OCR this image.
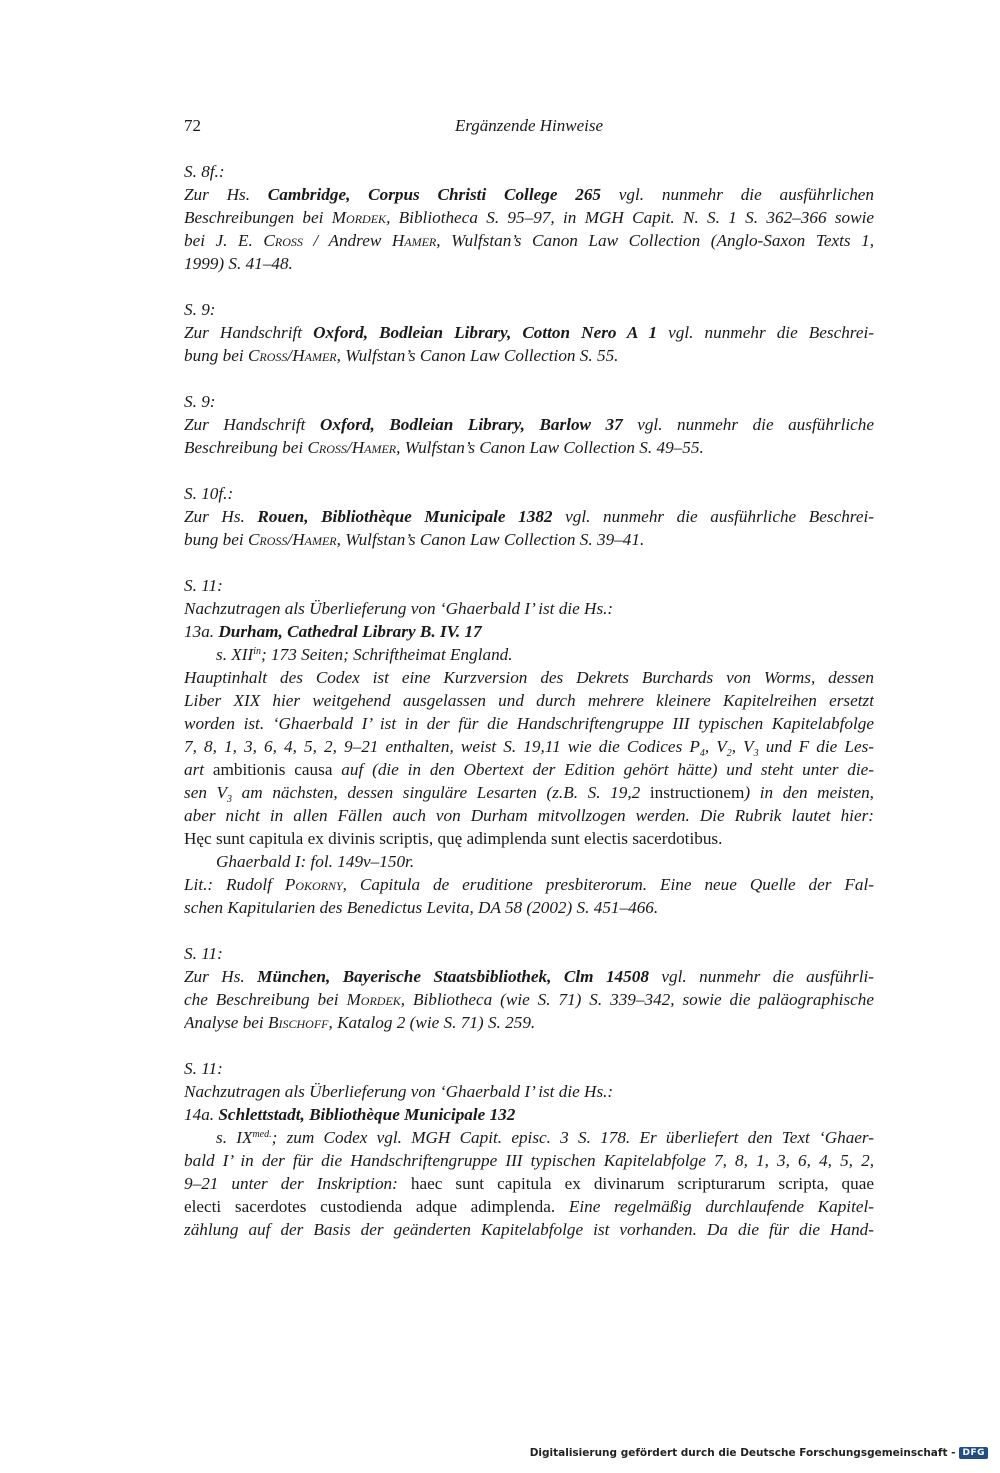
72	Ergänzende Hinweise
S. 8f.:
Zur Hs. Cambridge, Corpus Christi College 265 vgl. nunmehr die ausführlichen
Beschreibungen bei Mordek, Bibliotheca S. 95–97, in MGH Capit. N. S. 1 S. 362–366 sowie
bei J. E. Cross / Andrew Hamer, Wulfstan’s Canon Law Collection (Anglo-Saxon Texts 1,
1999) S. 41–48.
S. 9:
Zur Handschrift Oxford, Bodleian Library, Cotton Nero A 1 vgl. nunmehr die Beschrei-
bung bei Cross/Hamer, Wulfstan’s Canon Law Collection S. 55.
S. 9:
Zur Handschrift Oxford, Bodleian Library, Barlow 37 vgl. nunmehr die ausführliche
Beschreibung bei Cross/Hamer, Wulfstan’s Canon Law Collection S. 49–55.
S. 10f.:
Zur Hs. Rouen, Bibliothèque Municipale 1382 vgl. nunmehr die ausführliche Beschrei-
bung bei Cross/Hamer, Wulfstan’s Canon Law Collection S. 39–41.
S. 11:
Nachzutragen als Überlieferung von ‘Ghaerbald I’ ist die Hs.:
13a. Durham, Cathedral Library B. IV. 17
s. $XII^{in}$; 173 Seiten; Schriftheimat England.
Hauptinhalt des Codex ist eine Kurzversion des Dekrets Burchards von Worms, dessen
Liber XIX hier weitgehend ausgelassen und durch mehrere kleinere Kapitelreihen ersetzt
worden ist. ‘Ghaerbald I’ ist in der für die Handschriftengruppe III typischen Kapitelabfolge
7, 8, 1, 3, 6, 4, 5, 2, 9–21 enthalten, weist S. 19,11 wie die Codices $P_4$, $V_2$, $V_3$ und F die Les-
art ambitionis causa auf (die in den Obertext der Edition gehört hätte) und steht unter die-
sen $V_3$ am nächsten, dessen singuläre Lesarten (z.B. S. 19,2 instructionem) in den meisten,
aber nicht in allen Fällen auch von Durham mitvollzogen werden. Die Rubrik lautet hier:
Hęc sunt capitula ex divinis scriptis, quę adimplenda sunt electis sacerdotibus.
Ghaerbald I: fol. 149v–150r.
Lit.: Rudolf Pokorny, Capitula de eruditione presbiterorum. Eine neue Quelle der Fal-
schen Kapitularien des Benedictus Levita, DA 58 (2002) S. 451–466.
S. 11:
Zur Hs. München, Bayerische Staatsbibliothek, Clm 14508 vgl. nunmehr die ausführli-
che Beschreibung bei Mordek, Bibliotheca (wie S. 71) S. 339–342, sowie die paläographische
Analyse bei Bischoff, Katalog 2 (wie S. 71) S. 259.
S. 11:
Nachzutragen als Überlieferung von ‘Ghaerbald I’ ist die Hs.:
14a. Schlettstadt, Bibliothèque Municipale 132
s. $IX^{med.}$; zum Codex vgl. MGH Capit. episc. 3 S. 178. Er überliefert den Text ‘Ghaer-
bald I’ in der für die Handschriftengruppe III typischen Kapitelabfolge 7, 8, 1, 3, 6, 4, 5, 2,
9–21 unter der Inskription: haec sunt capitula ex divinarum scripturarum scripta, quae
electi sacerdotes custodienda adque adimplenda. Eine regelmäßig durchlaufende Kapitel-
zählung auf der Basis der geänderten Kapitelabfolge ist vorhanden. Da die für die Hand-
Digitalisierung gefördert durch die Deutsche Forschungsgemeinschaft - DFG
